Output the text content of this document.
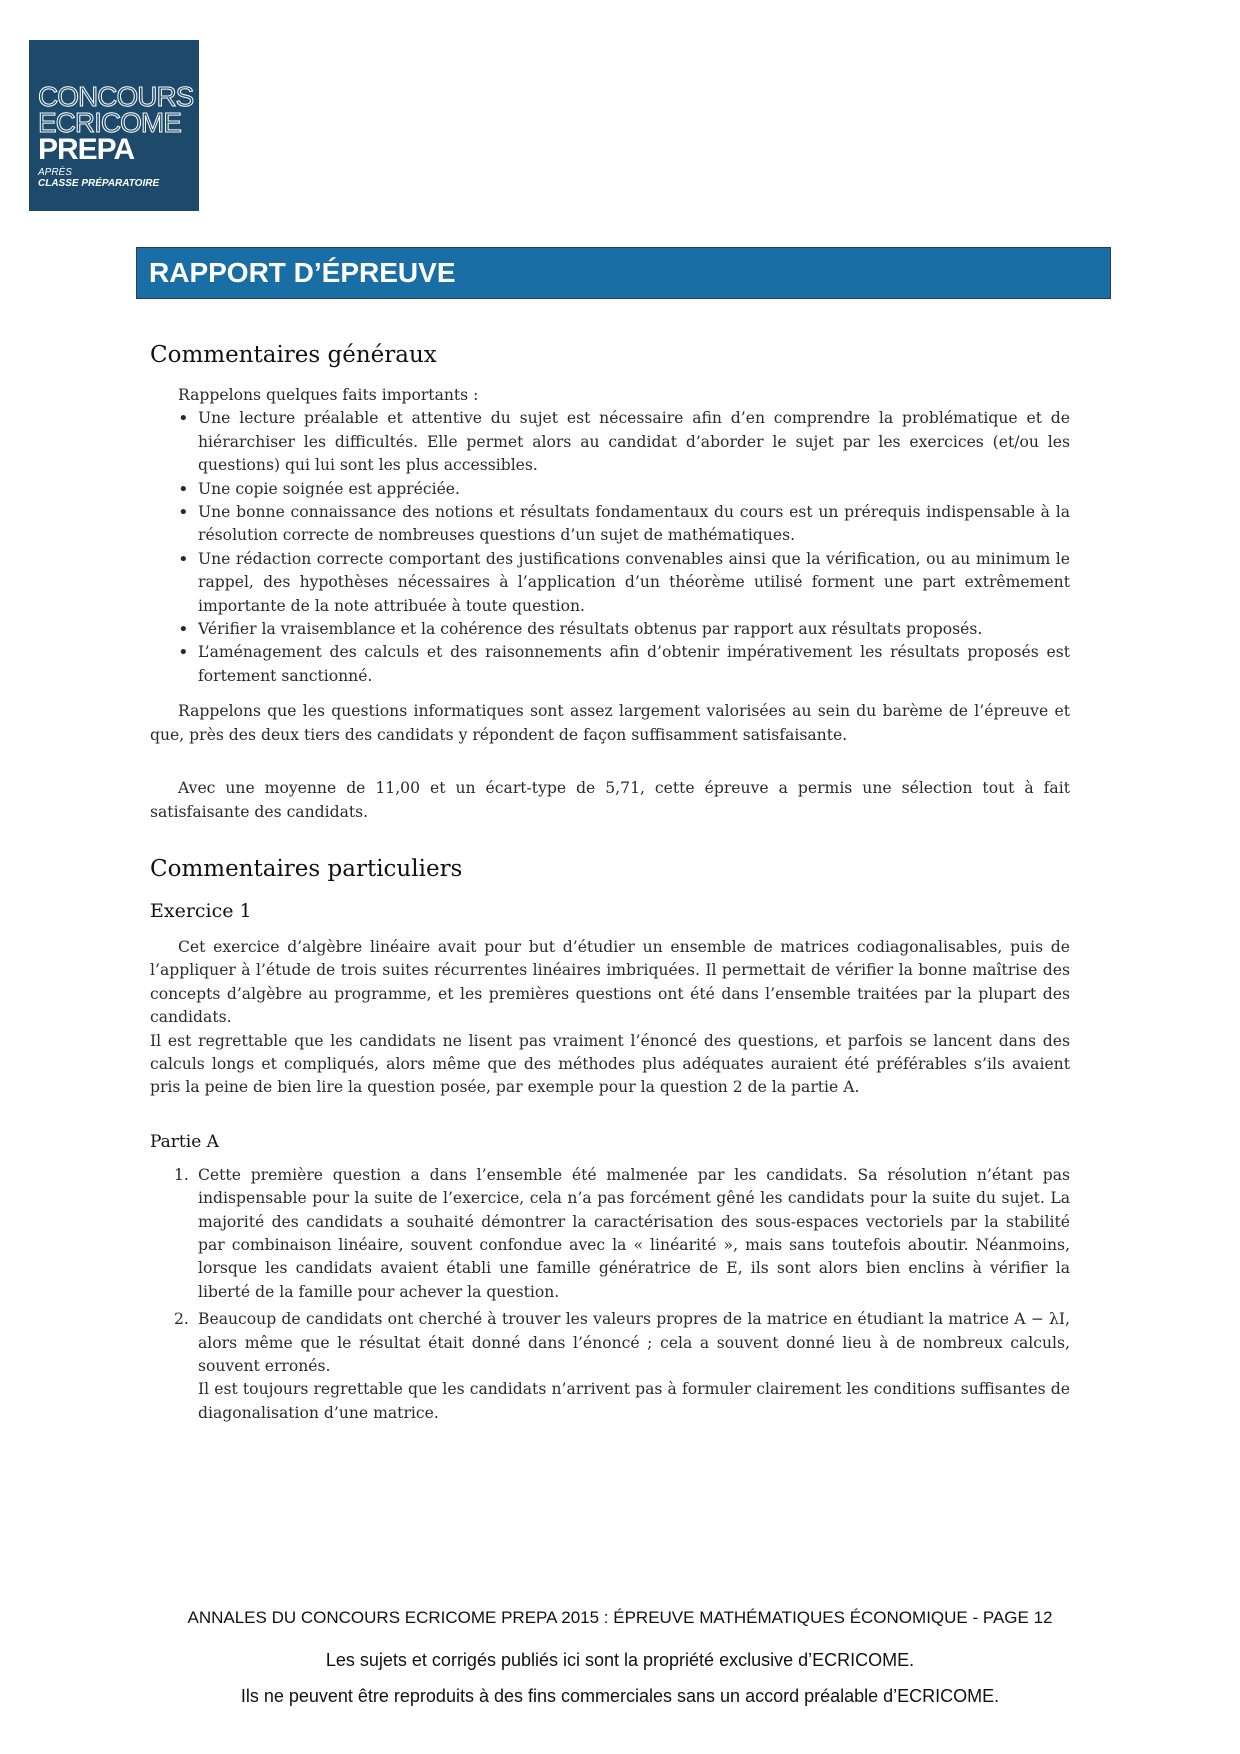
CONCOURS
ECRICOME
PREPA
APRÈS
CLASSE PRÉPARATOIRE
RAPPORT D’ÉPREUVE
Commentaires généraux

Rappelons quelques faits importants :

• Une lecture préalable et attentive du sujet est nécessaire afin d’en comprendre la problématique et de hiérarchiser les difficultés. Elle permet alors au candidat d’aborder le sujet par les exercices (et/ou les questions) qui lui sont les plus accessibles.
• Une copie soignée est appréciée.
• Une bonne connaissance des notions et résultats fondamentaux du cours est un prérequis indispensable à la résolution correcte de nombreuses questions d’un sujet de mathématiques.
• Une rédaction correcte comportant des justifications convenables ainsi que la vérification, ou au minimum le rappel, des hypothèses nécessaires à l’application d’un théorème utilisé forment une part extrêmement importante de la note attribuée à toute question.
• Vérifier la vraisemblance et la cohérence des résultats obtenus par rapport aux résultats proposés.
• L’aménagement des calculs et des raisonnements afin d’obtenir impérativement les résultats proposés est fortement sanctionné.

Rappelons que les questions informatiques sont assez largement valorisées au sein du barème de l’épreuve et que, près des deux tiers des candidats y répondent de façon suffisamment satisfaisante.

Avec une moyenne de 11,00 et un écart-type de 5,71, cette épreuve a permis une sélection tout à fait satisfaisante des candidats.

Commentaires particuliers
Exercice 1

Cet exercice d’algèbre linéaire avait pour but d’étudier un ensemble de matrices codiagonalisables, puis de l’appliquer à l’étude de trois suites récurrentes linéaires imbriquées. Il permettait de vérifier la bonne maîtrise des concepts d’algèbre au programme, et les premières questions ont été dans l’ensemble traitées par la plupart des candidats.

Il est regrettable que les candidats ne lisent pas vraiment l’énoncé des questions, et parfois se lancent dans des calculs longs et compliqués, alors même que des méthodes plus adéquates auraient été préférables s’ils avaient pris la peine de bien lire la question posée, par exemple pour la question 2 de la partie A.

Partie A
1. Cette première question a dans l’ensemble été malmenée par les candidats. Sa résolution n’étant pas indispensable pour la suite de l’exercice, cela n’a pas forcément gêné les candidats pour la suite du sujet. La majorité des candidats a souhaité démontrer la caractérisation des sous-espaces vectoriels par la stabilité par combinaison linéaire, souvent confondue avec la « linéarité », mais sans toutefois aboutir. Néanmoins, lorsque les candidats avaient établi une famille génératrice de E, ils sont alors bien enclins à vérifier la liberté de la famille pour achever la question.
2. Beaucoup de candidats ont cherché à trouver les valeurs propres de la matrice en étudiant la matrice A − λI, alors même que le résultat était donné dans l’énoncé ; cela a souvent donné lieu à de nombreux calculs, souvent erronés.
Il est toujours regrettable que les candidats n’arrivent pas à formuler clairement les conditions suffisantes de diagonalisation d’une matrice.
ANNALES DU CONCOURS ECRICOME PREPA 2015 : ÉPREUVE MATHÉMATIQUES ÉCONOMIQUE - PAGE 12
Les sujets et corrigés publiés ici sont la propriété exclusive d’ECRICOME.
Ils ne peuvent être reproduits à des fins commerciales sans un accord préalable d’ECRICOME.
